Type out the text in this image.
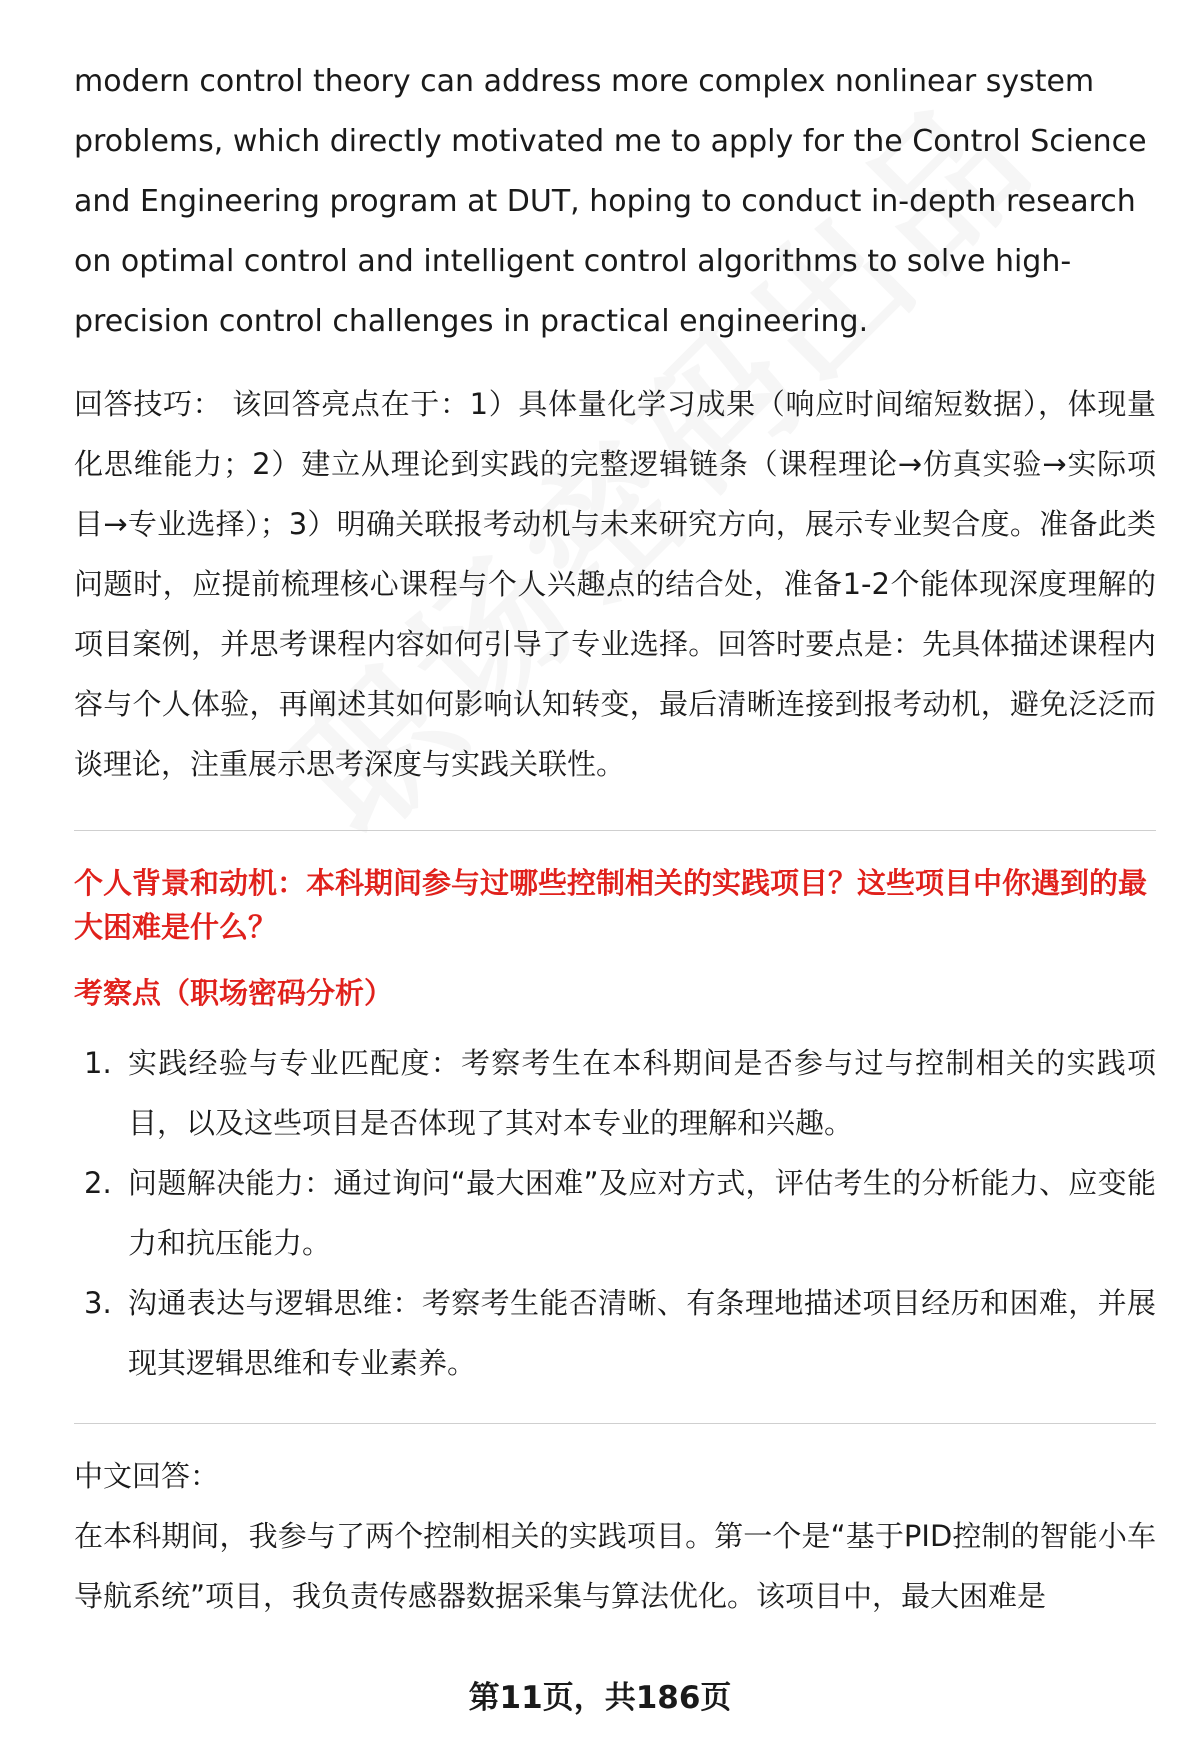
modern control theory can address more complex nonlinear system problems, which directly motivated me to apply for the Control Science and Engineering program at DUT, hoping to conduct in-depth research on optimal control and intelligent control algorithms to solve high-precision control challenges in practical engineering.

回答技巧： 该回答亮点在于：1）具体量化学习成果（响应时间缩短数据），体现量化思维能力；2）建立从理论到实践的完整逻辑链条（课程理论→仿真实验→实际项目→专业选择）；3）明确关联报考动机与未来研究方向，展示专业契合度。准备此类问题时，应提前梳理核心课程与个人兴趣点的结合处，准备1-2个能体现深度理解的项目案例，并思考课程内容如何引导了专业选择。回答时要点是：先具体描述课程内容与个人体验，再阐述其如何影响认知转变，最后清晰连接到报考动机，避免泛泛而谈理论，注重展示思考深度与实践关联性。

个人背景和动机：本科期间参与过哪些控制相关的实践项目？这些项目中你遇到的最大困难是什么？

考察点（职场密码分析）

1. 实践经验与专业匹配度：考察考生在本科期间是否参与过与控制相关的实践项目，以及这些项目是否体现了其对本专业的理解和兴趣。
2. 问题解决能力：通过询问“最大困难”及应对方式，评估考生的分析能力、应变能力和抗压能力。
3. 沟通表达与逻辑思维：考察考生能否清晰、有条理地描述项目经历和困难，并展现其逻辑思维和专业素养。

中文回答：

在本科期间，我参与了两个控制相关的实践项目。第一个是“基于PID控制的智能小车导航系统”项目，我负责传感器数据采集与算法优化。该项目中，最大困难是

第11页，共186页
